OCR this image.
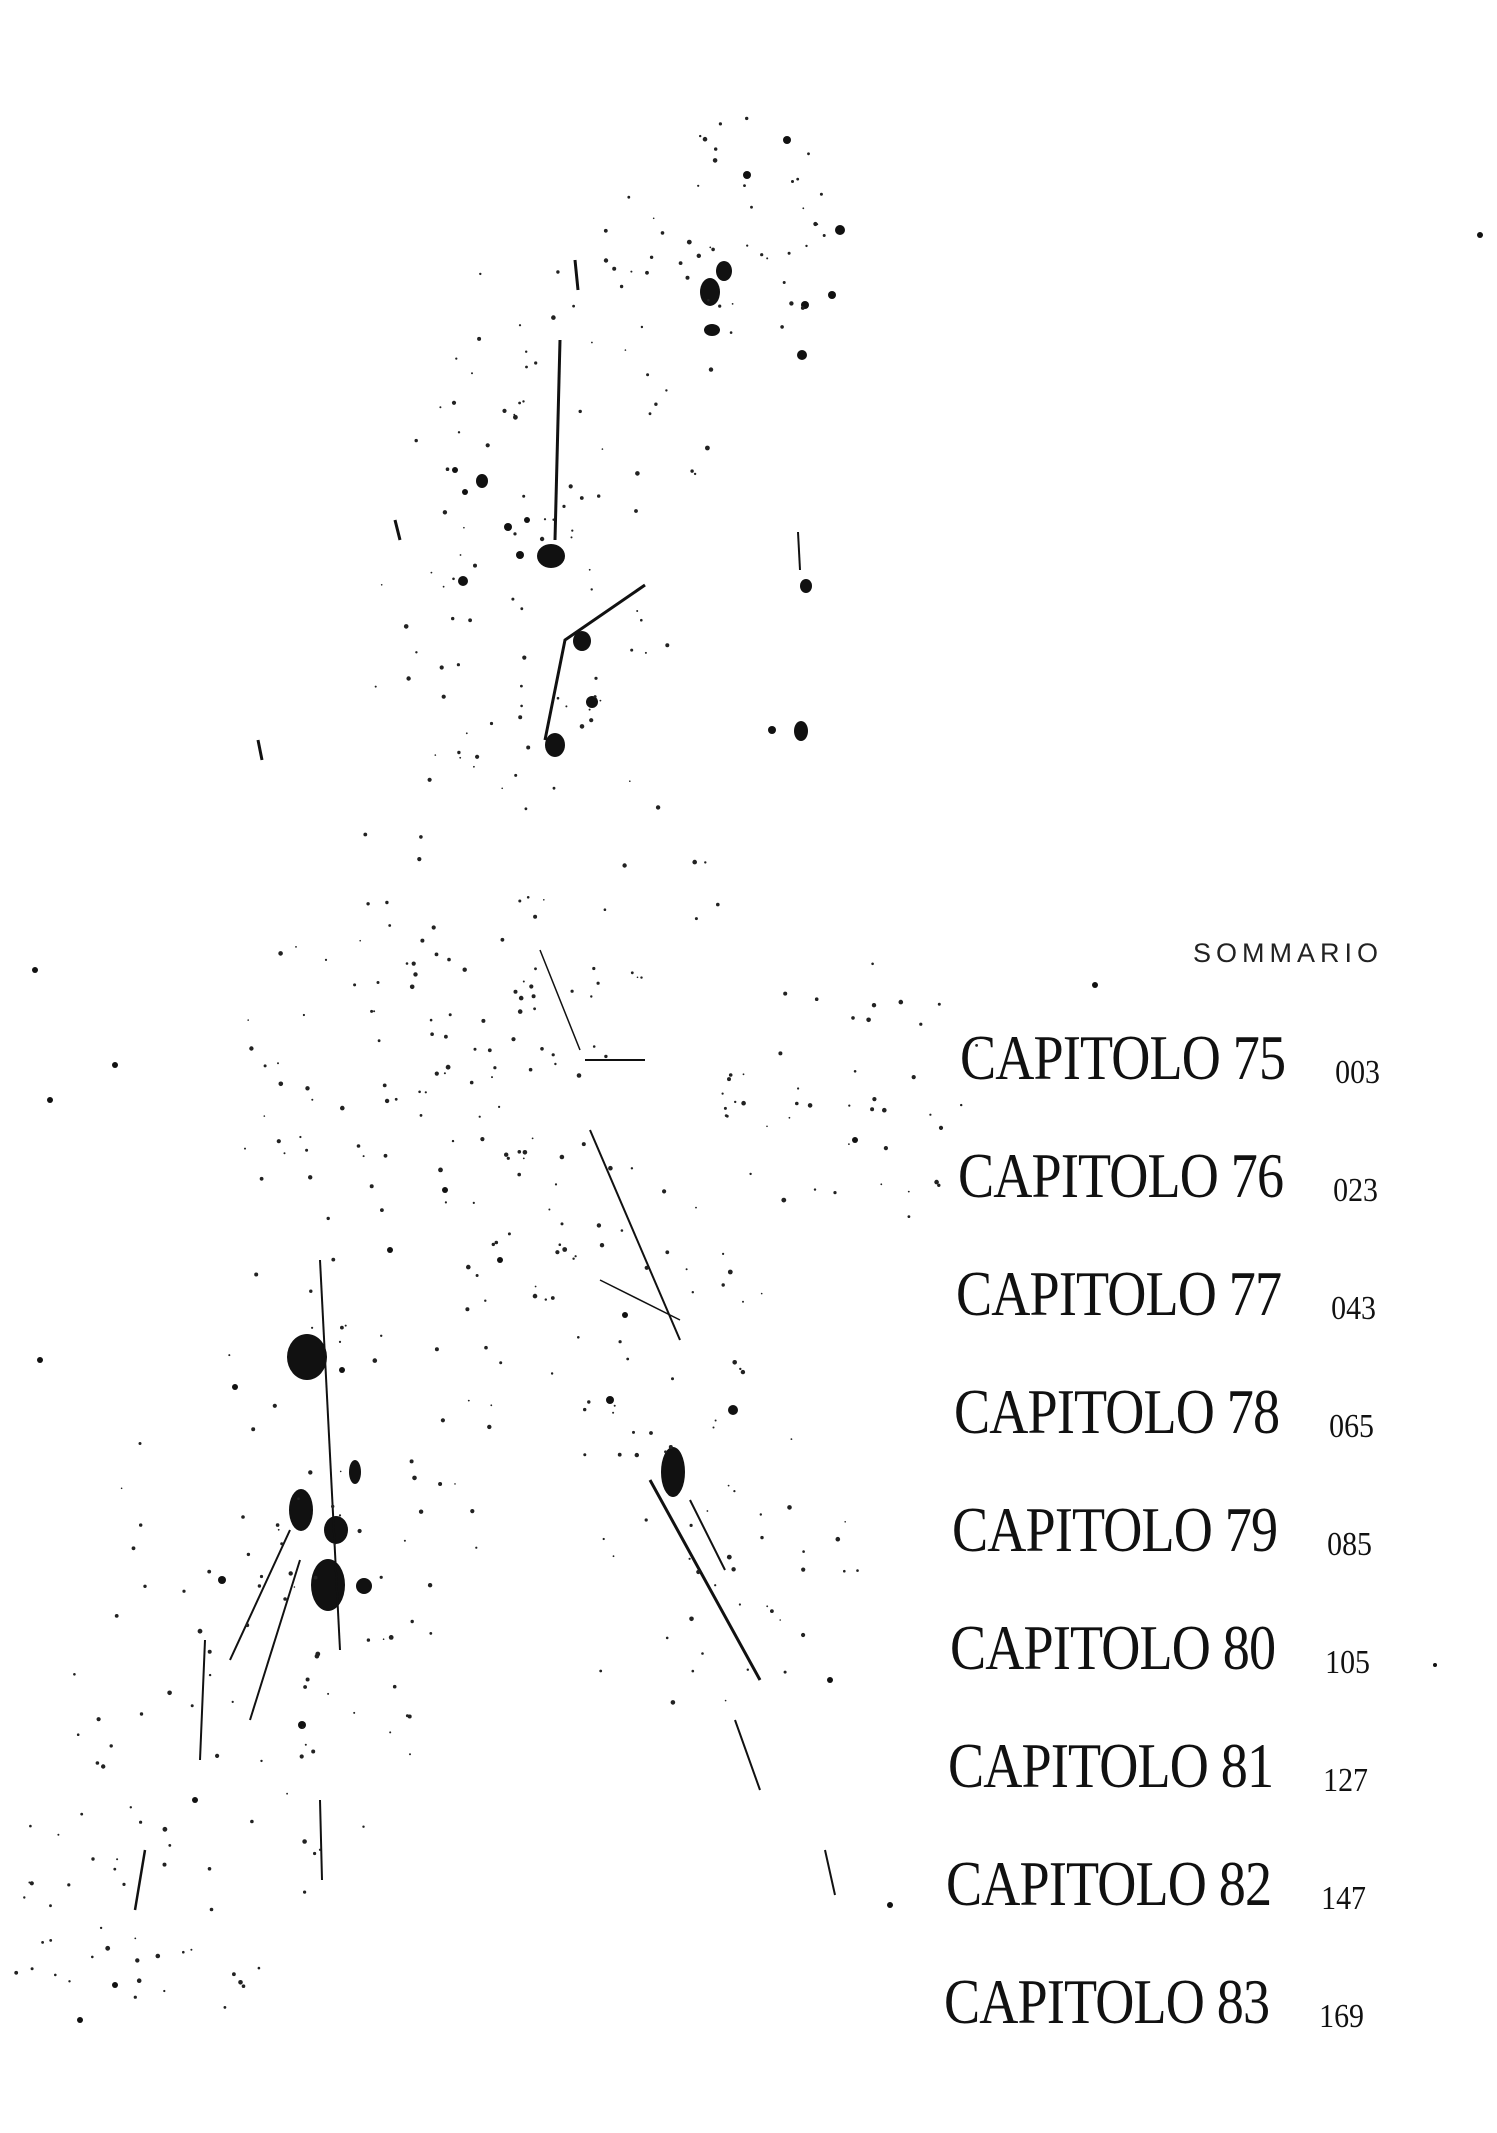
SOMMARIO
CAPITOLO 75 003
CAPITOLO 76 023
CAPITOLO 77 043
CAPITOLO 78 065
CAPITOLO 79 085
CAPITOLO 80 105
CAPITOLO 81 127
CAPITOLO 82 147
CAPITOLO 83 169
